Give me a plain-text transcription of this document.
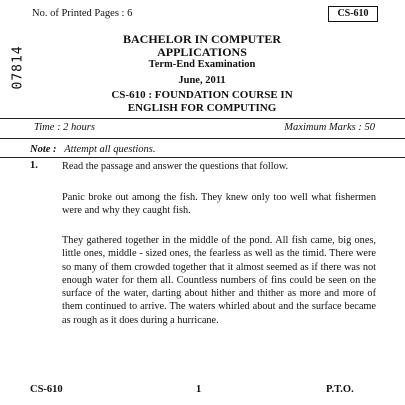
No. of Printed Pages : 6	CS-610
07814
BACHELOR IN COMPUTER
APPLICATIONS
Term-End Examination
June, 2011
CS-610 : FOUNDATION COURSE IN
ENGLISH FOR COMPUTING
Time : 2 hours	Maximum Marks : 50
Note : Attempt all questions.
1. Read the passage and answer the questions that follow.
Panic broke out among the fish. They knew only too well what fishermen were and why they caught fish.
They gathered together in the middle of the pond. All fish came, big ones, little ones, middle - sized ones, the fearless as well as the timid. There were so many of them crowded together that it almost seemed as if there was not enough water for them all. Countless numbers of fins could be seen on the surface of the water, darting about hither and thither as more and more of them continued to arrive. The waters whirled about and the surface became as rough as it does during a hurricane.
CS-610	1	P.T.O.
